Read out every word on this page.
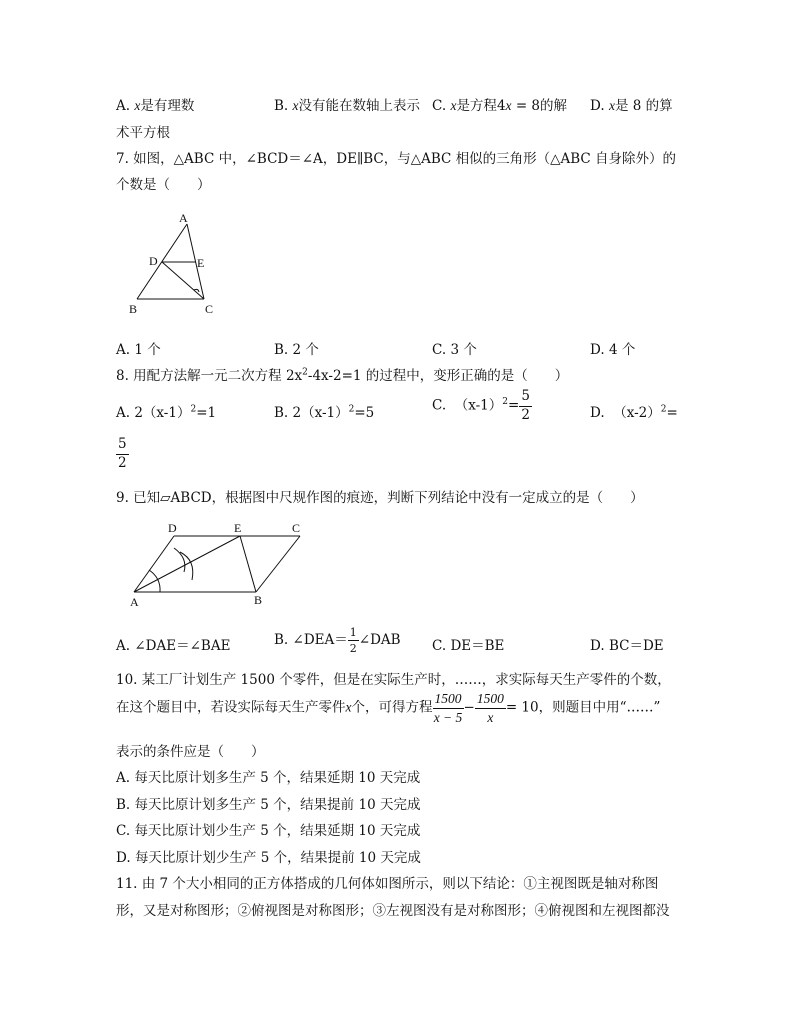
A. x是有理数	B. x没有能在数轴上表示 C. x是方程4x = 8的解 D. x是 8 的算
术平方根
7. 如图，△ABC 中，∠BCD＝∠A，DE∥BC，与△ABC 相似的三角形（△ABC 自身除外）的
个数是（　　）
A
D	E
B	C
A. 1 个	B. 2 个	C. 3 个	D. 4 个
8. 用配方法解一元二次方程 $2x^2-4x-2=1$ 的过程中，变形正确的是（　　）
A. $2(x-1)^2=1$	B. $2(x-1)^2=5$	C. $(x-1)^2= \frac{5}{2}$	D. $(x-2)^2=$
$\frac{5}{2}$
9. 已知▱ABCD，根据图中尺规作图的痕迹，判断下列结论中没有一定成立的是（　　）
D	E	C
A	B
A. ∠DAE＝∠BAE	B. ∠DEA＝ $\frac{1}{2}$ ∠DAB C. DE＝BE	D. BC＝DE
10. 某工厂计划生产 1500 个零件，但是在实际生产时，……，求实际每天生产零件的个数，
在这个题目中，若设实际每天生产零件x个，可得方程 $\frac{1500}{x - 5} - \frac{1500}{x} = 10$，则题目中用“……”
表示的条件应是（　　）
A. 每天比原计划多生产 5 个，结果延期 10 天完成
B. 每天比原计划多生产 5 个，结果提前 10 天完成
C. 每天比原计划少生产 5 个，结果延期 10 天完成
D. 每天比原计划少生产 5 个，结果提前 10 天完成
11. 由 7 个大小相同的正方体搭成的几何体如图所示，则以下结论：①主视图既是轴对称图
形，又是对称图形；②俯视图是对称图形；③左视图没有是对称图形；④俯视图和左视图都没
